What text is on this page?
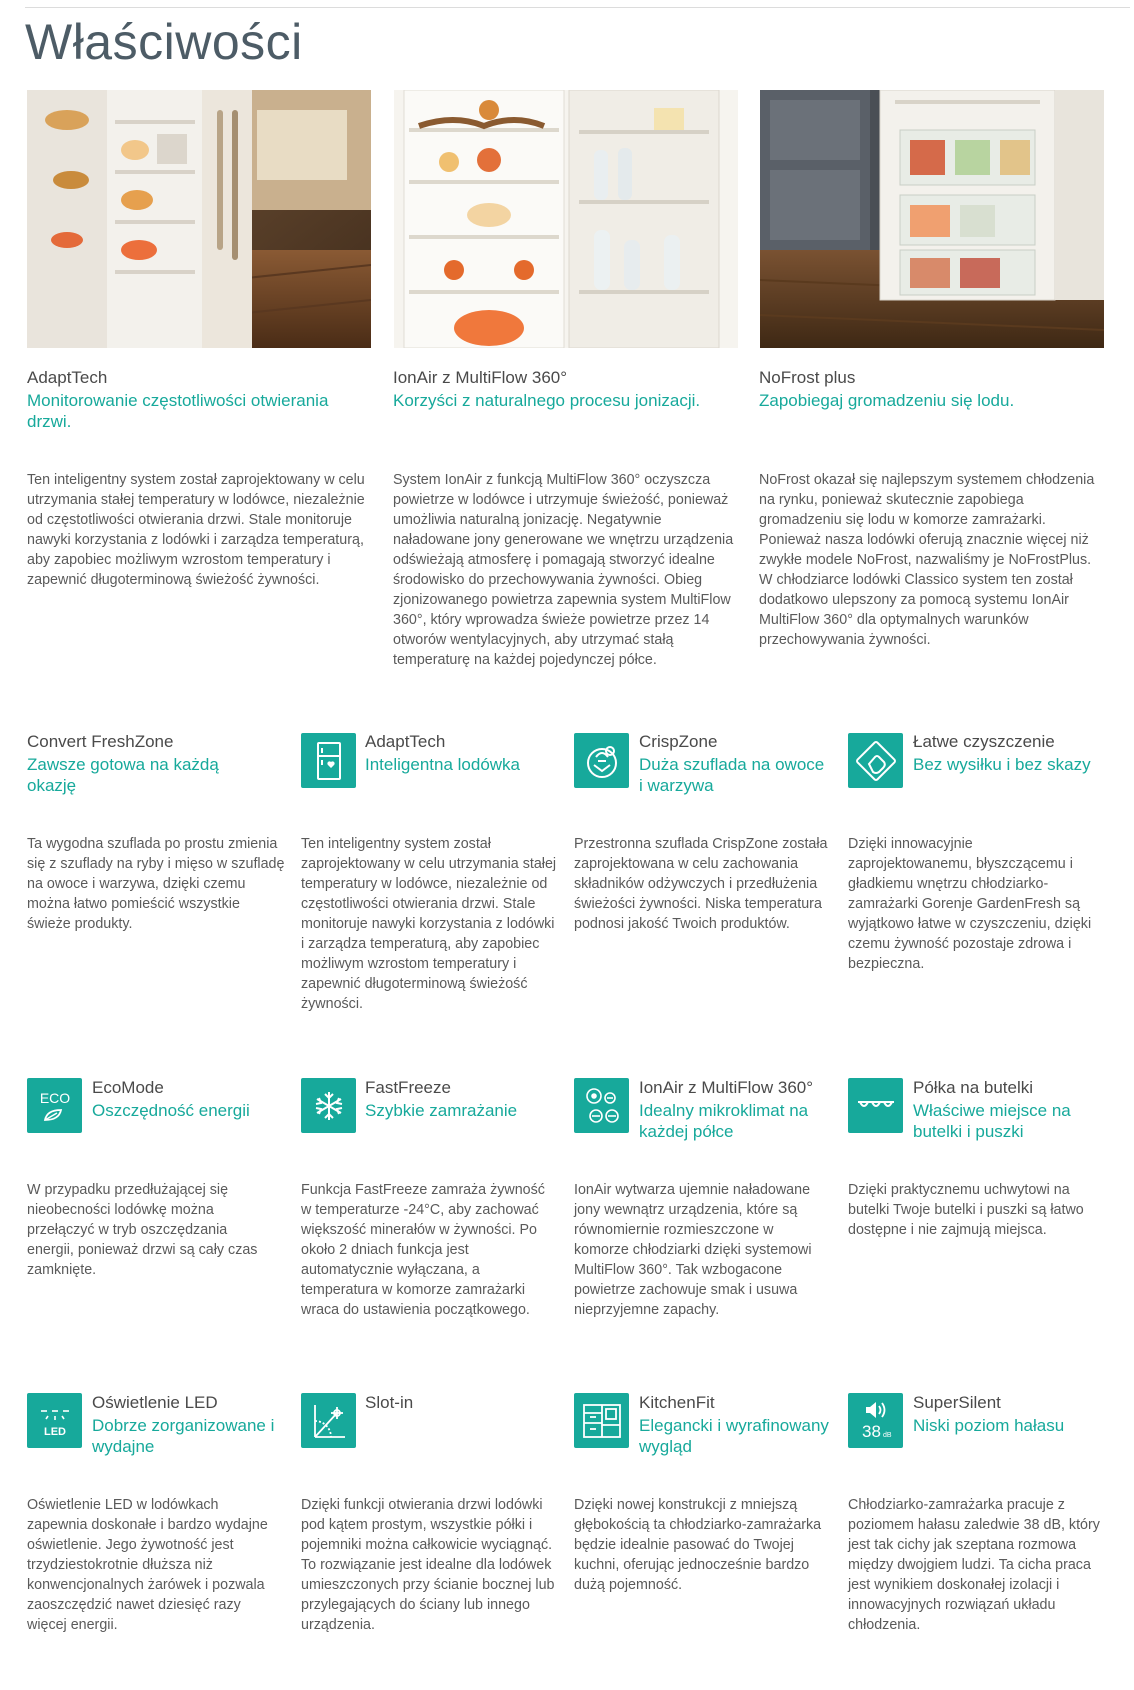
Właściwości
AdaptTech
Monitorowanie częstotliwości otwierania drzwi.
Ten inteligentny system został zaprojektowany w celu utrzymania stałej temperatury w lodówce, niezależnie od częstotliwości otwierania drzwi. Stale monitoruje nawyki korzystania z lodówki i zarządza temperaturą, aby zapobiec możliwym wzrostom temperatury i zapewnić długoterminową świeżość żywności.
IonAir z MultiFlow 360°
Korzyści z naturalnego procesu jonizacji.
System IonAir z funkcją MultiFlow 360° oczyszcza powietrze w lodówce i utrzymuje świeżość, ponieważ umożliwia naturalną jonizację. Negatywnie naładowane jony generowane we wnętrzu urządzenia odświeżają atmosferę i pomagają stworzyć idealne środowisko do przechowywania żywności. Obieg zjonizowanego powietrza zapewnia system MultiFlow 360°, który wprowadza świeże powietrze przez 14 otworów wentylacyjnych, aby utrzymać stałą temperaturę na każdej pojedynczej półce.
NoFrost plus
Zapobiegaj gromadzeniu się lodu.
NoFrost okazał się najlepszym systemem chłodzenia na rynku, ponieważ skutecznie zapobiega gromadzeniu się lodu w komorze zamrażarki. Ponieważ nasza lodówki oferują znacznie więcej niż zwykłe modele NoFrost, nazwaliśmy je NoFrostPlus. W chłodziarce lodówki Classico system ten został dodatkowo ulepszony za pomocą systemu IonAir MultiFlow 360° dla optymalnych warunków przechowywania żywności.
Convert FreshZone
Zawsze gotowa na każdą okazję
Ta wygodna szuflada po prostu zmienia się z szuflady na ryby i mięso w szufladę na owoce i warzywa, dzięki czemu można łatwo pomieścić wszystkie świeże produkty.
AdaptTech
Inteligentna lodówka
Ten inteligentny system został zaprojektowany w celu utrzymania stałej temperatury w lodówce, niezależnie od częstotliwości otwierania drzwi. Stale monitoruje nawyki korzystania z lodówki i zarządza temperaturą, aby zapobiec możliwym wzrostom temperatury i zapewnić długoterminową świeżość żywności.
CrispZone
Duża szuflada na owoce i warzywa
Przestronna szuflada CrispZone została zaprojektowana w celu zachowania składników odżywczych i przedłużenia świeżości żywności. Niska temperatura podnosi jakość Twoich produktów.
Łatwe czyszczenie
Bez wysiłku i bez skazy
Dzięki innowacyjnie zaprojektowanemu, błyszczącemu i gładkiemu wnętrzu chłodziarko-zamrażarki Gorenje GardenFresh są wyjątkowo łatwe w czyszczeniu, dzięki czemu żywność pozostaje zdrowa i bezpieczna.
ECO
EcoMode
Oszczędność energii
W przypadku przedłużającej się nieobecności lodówkę można przełączyć w tryb oszczędzania energii, ponieważ drzwi są cały czas zamknięte.
FastFreeze
Szybkie zamrażanie
Funkcja FastFreeze zamraża żywność w temperaturze -24°C, aby zachować większość minerałów w żywności. Po około 2 dniach funkcja jest automatycznie wyłączana, a temperatura w komorze zamrażarki wraca do ustawienia początkowego.
IonAir z MultiFlow 360°
Idealny mikroklimat na każdej półce
IonAir wytwarza ujemnie naładowane jony wewnątrz urządzenia, które są równomiernie rozmieszczone w komorze chłodziarki dzięki systemowi MultiFlow 360°. Tak wzbogacone powietrze zachowuje smak i usuwa nieprzyjemne zapachy.
Półka na butelki
Właściwe miejsce na butelki i puszki
Dzięki praktycznemu uchwytowi na butelki Twoje butelki i puszki są łatwo dostępne i nie zajmują miejsca.
LED
Oświetlenie LED
Dobrze zorganizowane i wydajne
Oświetlenie LED w lodówkach zapewnia doskonałe i bardzo wydajne oświetlenie. Jego żywotność jest trzydziestokrotnie dłuższa niż konwencjonalnych żarówek i pozwala zaoszczędzić nawet dziesięć razy więcej energii.
Slot-in
Dzięki funkcji otwierania drzwi lodówki pod kątem prostym, wszystkie półki i pojemniki można całkowicie wyciągnąć. To rozwiązanie jest idealne dla lodówek umieszczonych przy ścianie bocznej lub przylegających do ściany lub innego urządzenia.
KitchenFit
Elegancki i wyrafinowany wygląd
Dzięki nowej konstrukcji z mniejszą głębokością ta chłodziarko-zamrażarka będzie idealnie pasować do Twojej kuchni, oferując jednocześnie bardzo dużą pojemność.
38 dB
SuperSilent
Niski poziom hałasu
Chłodziarko-zamrażarka pracuje z poziomem hałasu zaledwie 38 dB, który jest tak cichy jak szeptana rozmowa między dwojgiem ludzi. Ta cicha praca jest wynikiem doskonałej izolacji i innowacyjnych rozwiązań układu chłodzenia.
